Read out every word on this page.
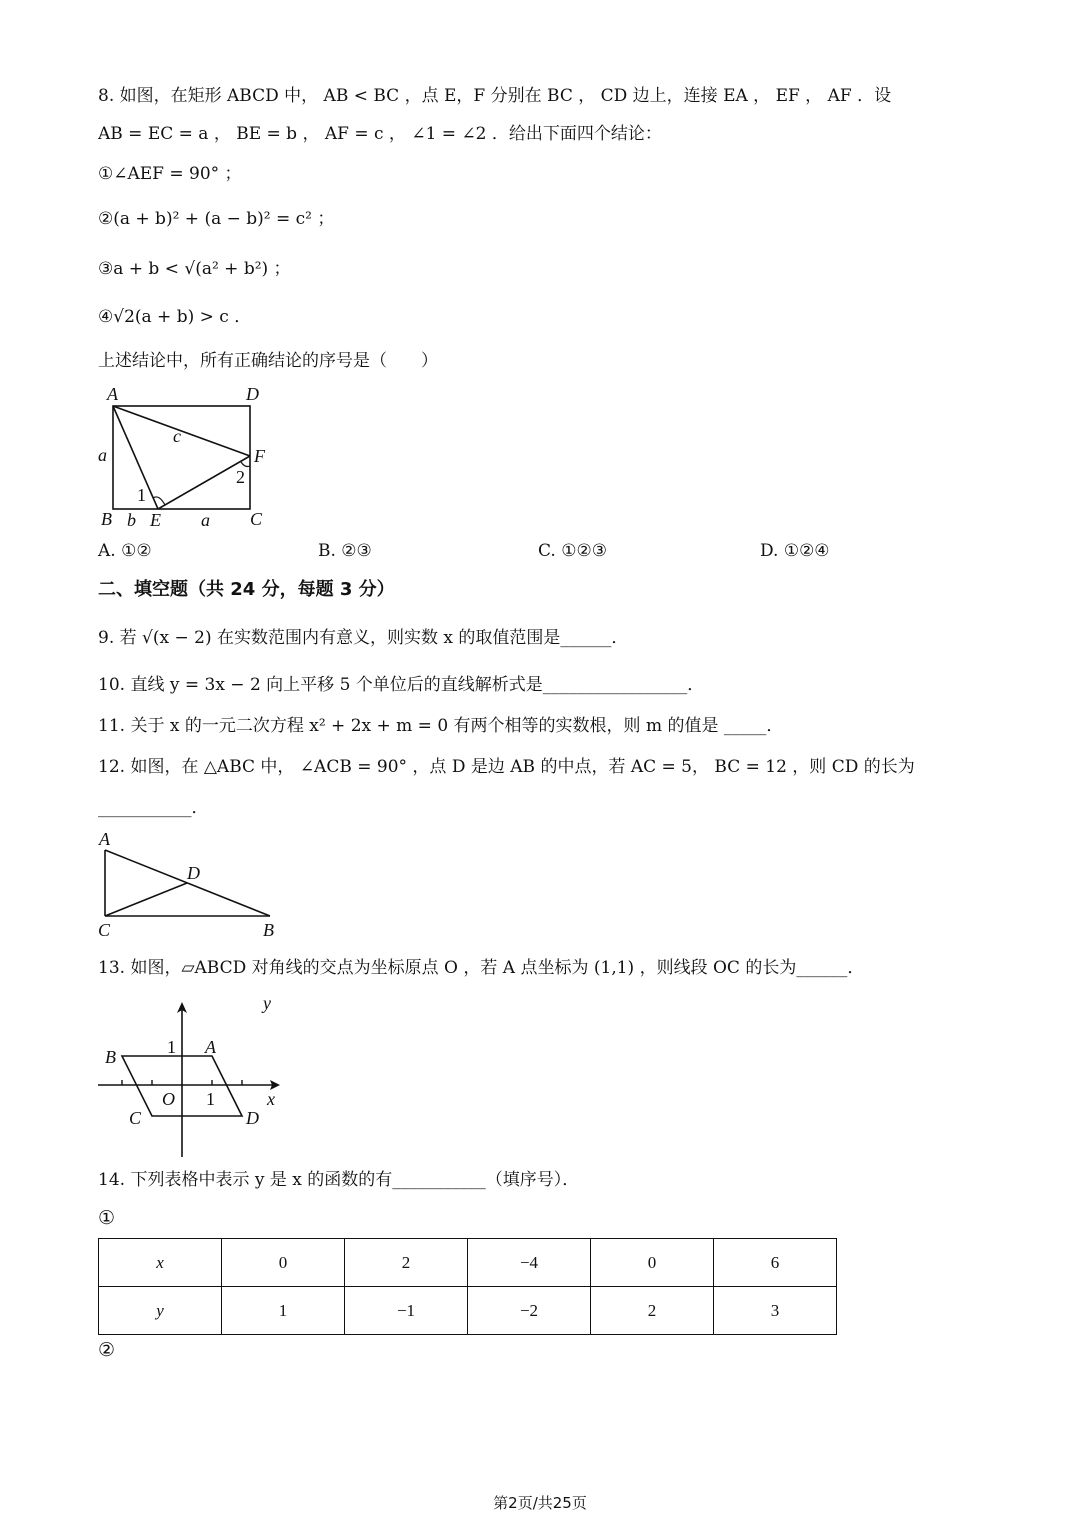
8. 如图，在矩形 ABCD 中， AB < BC ，点 E，F 分别在 BC ， CD 边上，连接 EA ， EF ， AF ．设
AB = EC = a ， BE = b ， AF = c ， ∠1 = ∠2 ．给出下面四个结论：
①∠AEF = 90° ；
②(a + b)² + (a − b)² = c² ；
③a + b < √(a² + b²) ；
④√2(a + b) > c ．
上述结论中，所有正确结论的序号是（　　）
A	D
a
c
F
2
1
B b E a C
A. ①②	B. ②③	C. ①②③	D. ①②④
二、填空题（共 24 分，每题 3 分）
9. 若 √(x − 2) 在实数范围内有意义，则实数 x 的取值范围是______．
10. 直线 y = 3x − 2 向上平移 5 个单位后的直线解析式是_________________．
11. 关于 x 的一元二次方程 x² + 2x + m = 0 有两个相等的实数根，则 m 的值是 _____．
12. 如图，在 △ABC 中， ∠ACB = 90° ，点 D 是边 AB 的中点，若 AC = 5， BC = 12 ，则 CD 的长为
___________．
A
D
C	B
13. 如图，▱ABCD 对角线的交点为坐标原点 O ，若 A 点坐标为 (1,1) ，则线段 OC 的长为______．
y
1 A
B
O 1	x
C	D
14. 下列表格中表示 y 是 x 的函数的有___________（填序号）．
①
x	0	2	−4	0	6
y	1	−1	−2	2	3
②
第2页/共25页
